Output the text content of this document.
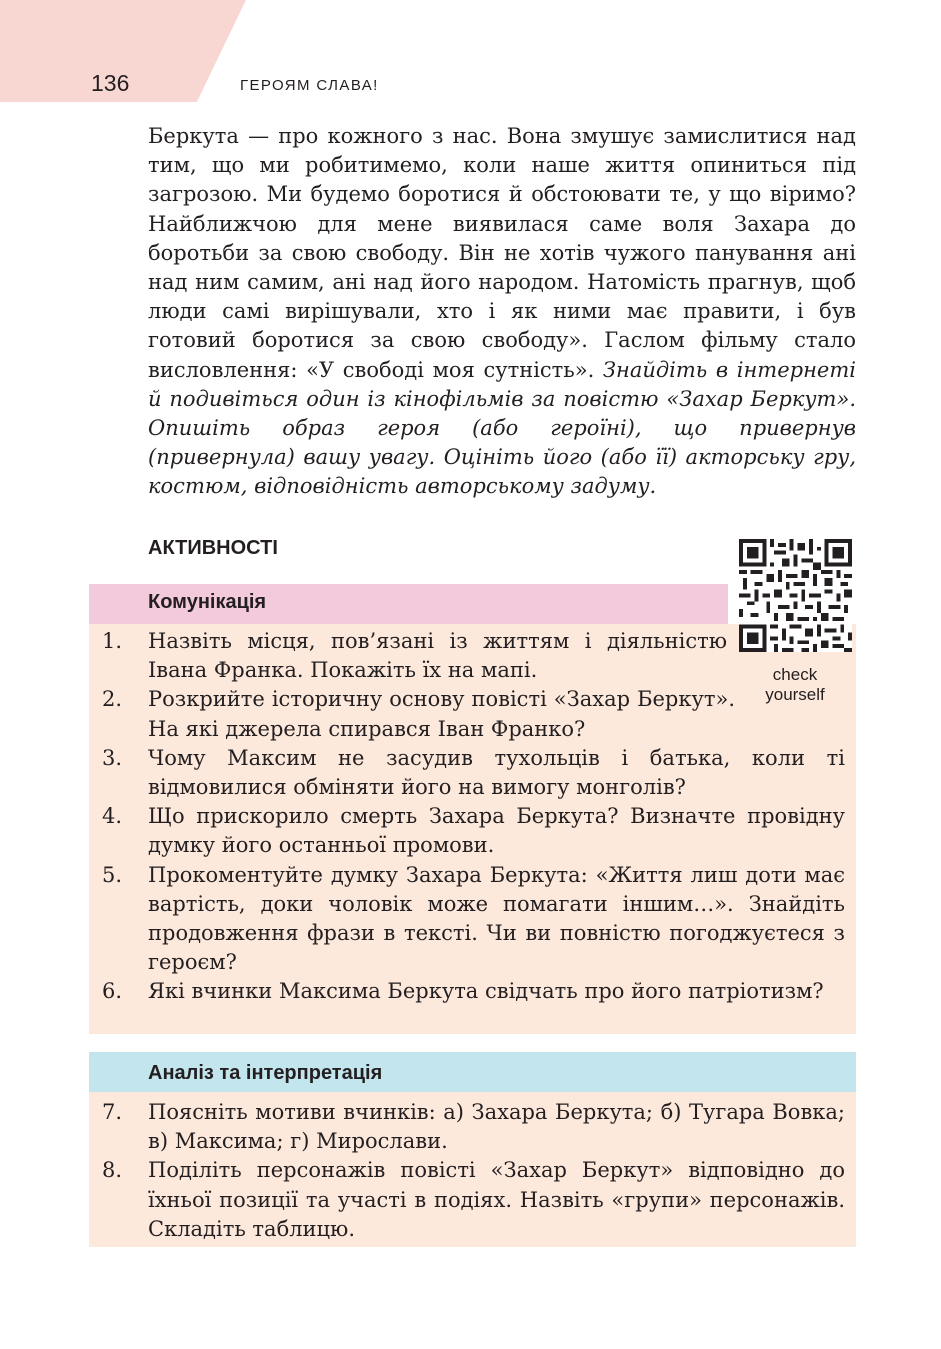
136	ГЕРОЯМ СЛАВА!
Беркута — про кожного з нас. Вона змушує замислитися над тим, що ми робитимемо, коли наше життя опиниться під загрозою. Ми будемо боротися й обстоювати те, у що віримо? Найближчою для мене виявилася саме воля Захара до боротьби за свою свободу. Він не хотів чужого панування ані над ним самим, ані над його народом. Натомість прагнув, щоб люди самі вирішували, хто і як ними має правити, і був готовий боротися за свою свободу». Гаслом фільму стало висловлення: «У свободі моя сутність». Знайдіть в інтернеті й подивіться один із кінофільмів за повістю «Захар Беркут». Опишіть образ героя (або героїні), що привернув (привернула) вашу увагу. Оцініть його (або її) акторську гру, костюм, відповідність авторському задуму.
АКТИВНОСТІ
Комунікація
check
yourself
1. Назвіть місця, пов’язані із життям і діяльністю Івана Франка. Покажіть їх на мапі.
2. Розкрийте історичну основу повісті «Захар Беркут». На які джерела спирався Іван Франко?
3. Чому Максим не засудив тухольців і батька, коли ті відмовилися обміняти його на вимогу монголів?
4. Що прискорило смерть Захара Беркута? Визначте провідну думку його останньої промови.
5. Прокоментуйте думку Захара Беркута: «Життя лиш доти має вартість, доки чоловік може помагати іншим…». Знайдіть продовження фрази в тексті. Чи ви повністю погоджуєтеся з героєм?
6. Які вчинки Максима Беркута свідчать про його патріотизм?
Аналіз та інтерпретація
7. Поясніть мотиви вчинків: а) Захара Беркута; б) Тугара Вовка; в) Максима; г) Мирослави.
8. Поділіть персонажів повісті «Захар Беркут» відповідно до їхньої позиції та участі в подіях. Назвіть «групи» персонажів. Складіть таблицю.
